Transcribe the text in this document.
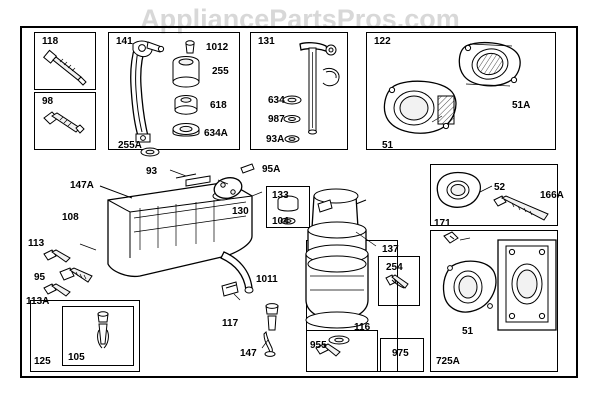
AppliancePartsPros.com
118	141
1012
255
618
634A
255A
98
131
634
987
93A
122
51A
51
93	95A
147A
130
133
104
108
113
95
113A
1011
137
254
117	116
955
975
147
125 105
52
166A
171
51
725A
